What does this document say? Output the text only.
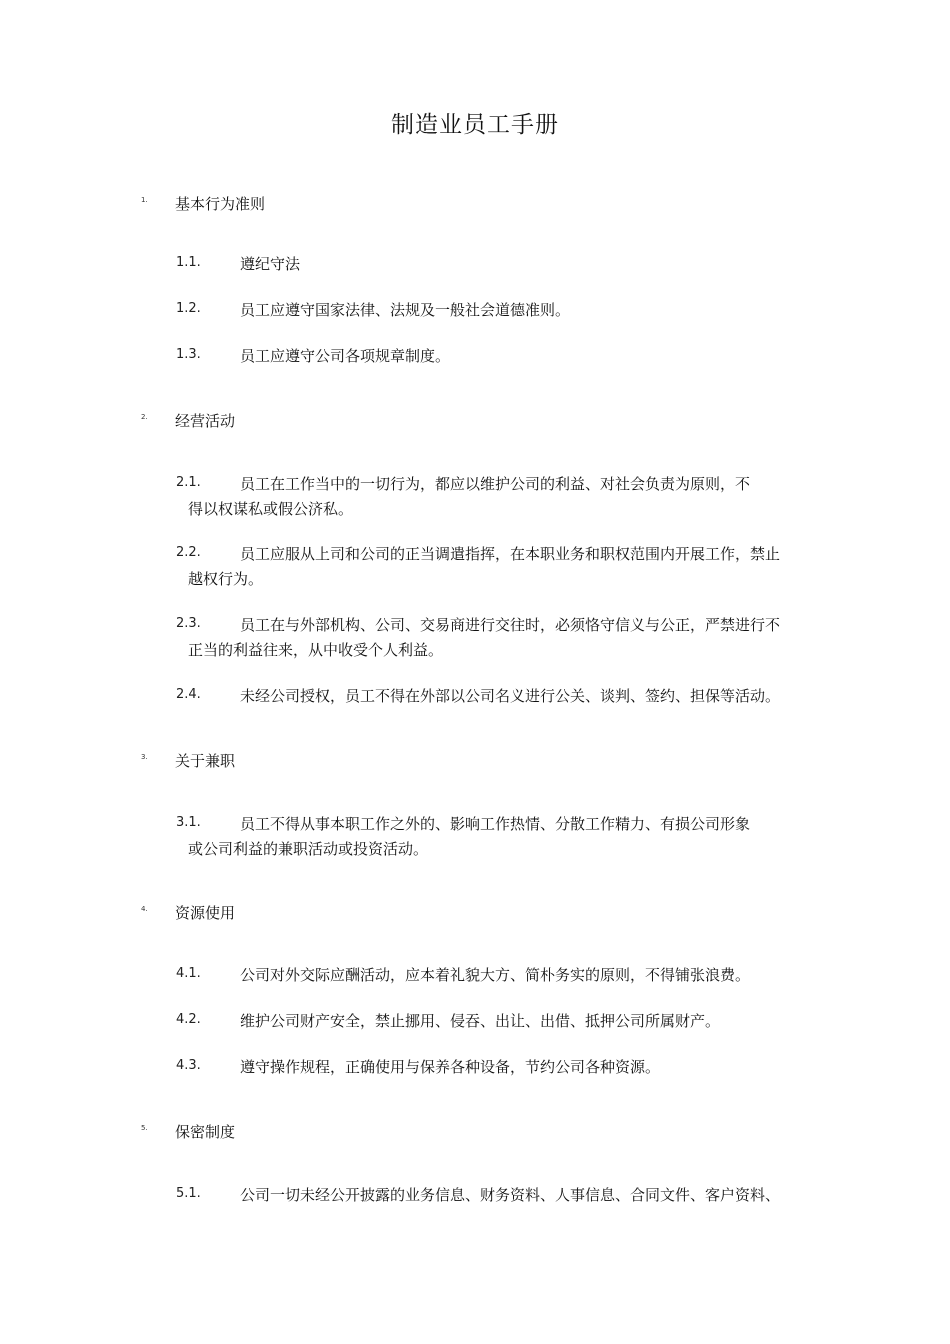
制造业员工手册
1. 基本行为准则
1.1.	遵纪守法
1.2.	员工应遵守国家法律、法规及一般社会道德准则。
1.3.	员工应遵守公司各项规章制度。
2. 经营活动
2.1.	员工在工作当中的一切行为，都应以维护公司的利益、对社会负责为原则，不
得以权谋私或假公济私。
2.2.	员工应服从上司和公司的正当调遣指挥，在本职业务和职权范围内开展工作，禁止
越权行为。
2.3.	员工在与外部机构、公司、交易商进行交往时，必须恪守信义与公正，严禁进行不
正当的利益往来，从中收受个人利益。
2.4.	未经公司授权，员工不得在外部以公司名义进行公关、谈判、签约、担保等活动。
3. 关于兼职
3.1.	员工不得从事本职工作之外的、影响工作热情、分散工作精力、有损公司形象
或公司利益的兼职活动或投资活动。
4. 资源使用
4.1.	公司对外交际应酬活动，应本着礼貌大方、简朴务实的原则，不得铺张浪费。
4.2.	维护公司财产安全，禁止挪用、侵吞、出让、出借、抵押公司所属财产。
4.3.	遵守操作规程，正确使用与保养各种设备，节约公司各种资源。
5. 保密制度
5.1.	公司一切未经公开披露的业务信息、财务资料、人事信息、合同文件、客户资料、
